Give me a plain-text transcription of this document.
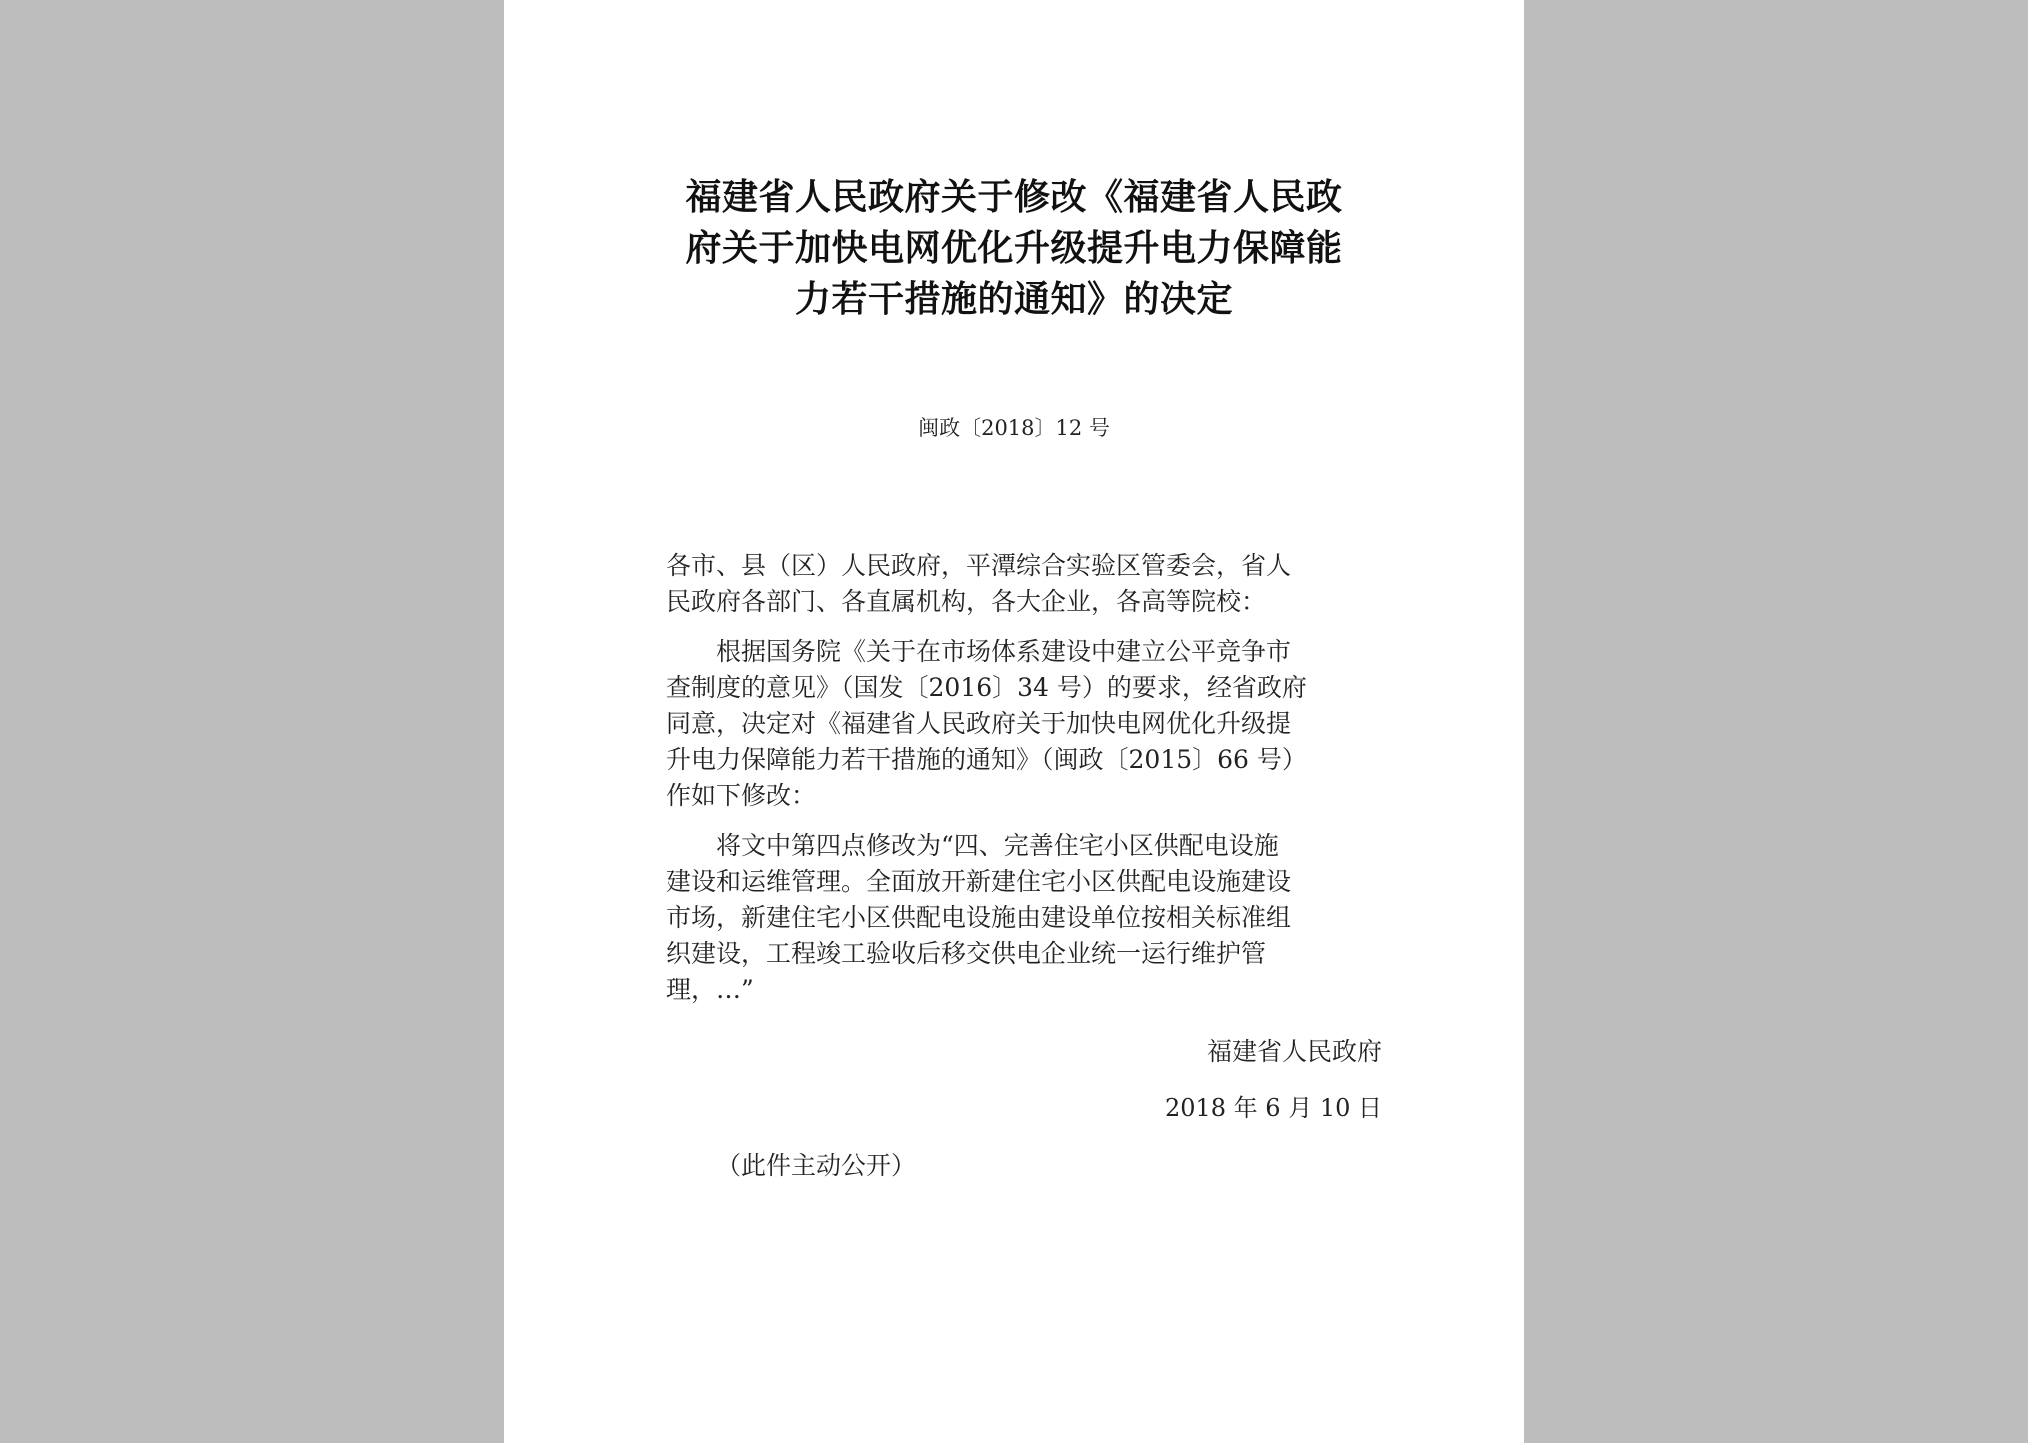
福建省人民政府关于修改《福建省人民政
府关于加快电网优化升级提升电力保障能
力若干措施的通知》的决定
闽政〔2018〕12 号
各市、县（区）人民政府，平潭综合实验区管委会，省人
民政府各部门、各直属机构，各大企业，各高等院校：
根据国务院《关于在市场体系建设中建立公平竞争市
查制度的意见》（国发〔2016〕34 号）的要求，经省政府
同意，决定对《福建省人民政府关于加快电网优化升级提
升电力保障能力若干措施的通知》（闽政〔2015〕66 号）
作如下修改：
将文中第四点修改为“四、完善住宅小区供配电设施
建设和运维管理。全面放开新建住宅小区供配电设施建设
市场，新建住宅小区供配电设施由建设单位按相关标准组
织建设，工程竣工验收后移交供电企业统一运行维护管
理，…”
福建省人民政府
2018 年 6 月 10 日
（此件主动公开）
